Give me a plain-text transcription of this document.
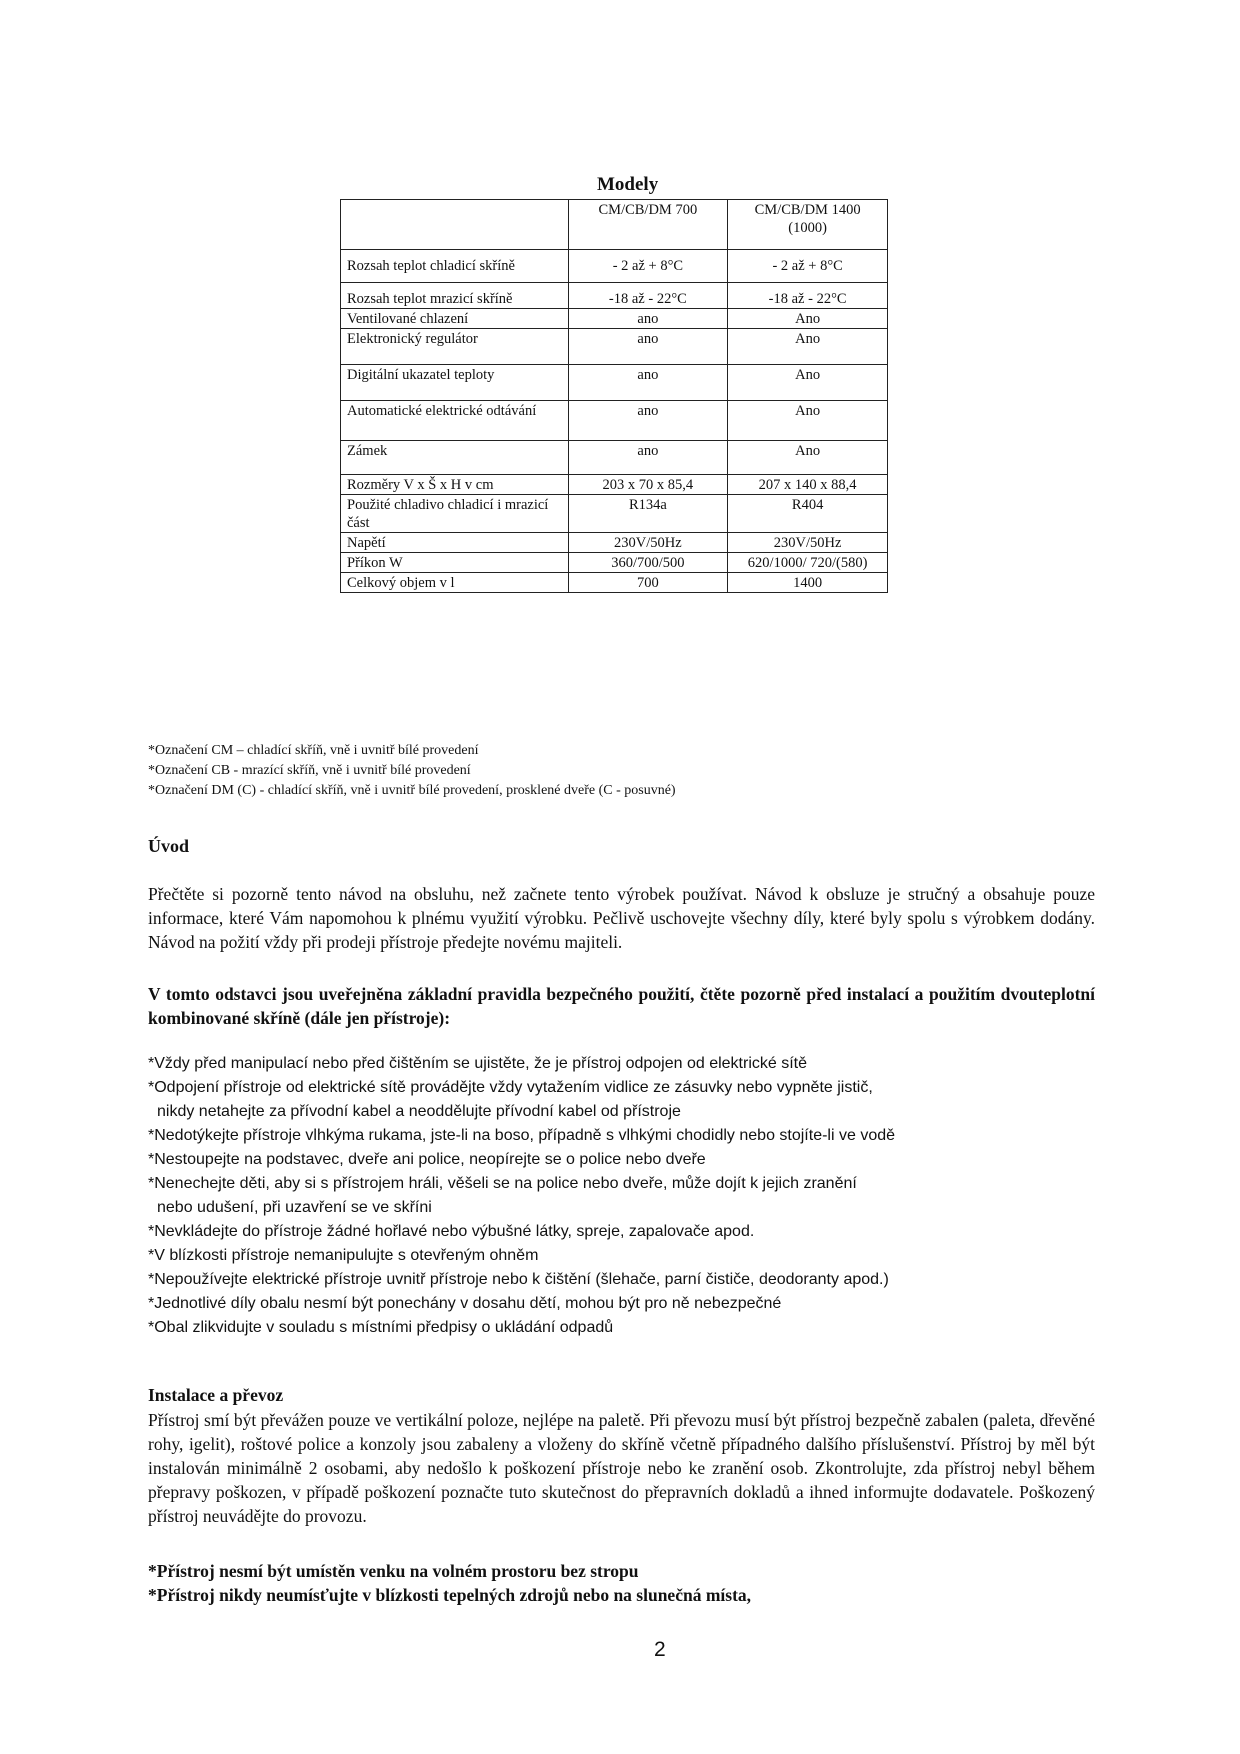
Modely
	CM/CB/DM 700	CM/CB/DM 1400 (1000)
Rozsah teplot chladicí skříně	- 2 až + 8°C	- 2 až + 8°C
Rozsah teplot mrazicí skříně	-18 až - 22°C	-18 až - 22°C
Ventilované chlazení	ano	Ano
Elektronický regulátor	ano	Ano
Digitální ukazatel teploty	ano	Ano
Automatické elektrické odtávání	ano	Ano
Zámek	ano	Ano
Rozměry V x Š x H v cm	203 x 70 x 85,4	207 x 140 x 88,4
Použité chladivo chladicí i mrazicí část	R134a	R404
Napětí	230V/50Hz	230V/50Hz
Příkon W	360/700/500	620/1000/ 720/(580)
Celkový objem v l	700	1400
*Označení CM – chladící skříň, vně i uvnitř bílé provedení
*Označení CB - mrazící skříň, vně i uvnitř bílé provedení
*Označení DM (C) - chladící skříň, vně i uvnitř bílé provedení, prosklené dveře (C - posuvné)
Úvod
Přečtěte si pozorně tento návod na obsluhu, než začnete tento výrobek používat. Návod k obsluze je stručný a obsahuje pouze informace, které Vám napomohou k plnému využití výrobku. Pečlivě uschovejte všechny díly, které byly spolu s výrobkem dodány. Návod na požití vždy při prodeji přístroje předejte novému majiteli.
V tomto odstavci jsou uveřejněna základní pravidla bezpečného použití, čtěte pozorně před instalací a použitím dvouteplotní kombinované skříně (dále jen přístroje):
*Vždy před manipulací nebo před čištěním se ujistěte, že je přístroj odpojen od elektrické sítě
*Odpojení přístroje od elektrické sítě provádějte vždy vytažením vidlice ze zásuvky nebo vypněte jistič,
nikdy netahejte za přívodní kabel a neoddělujte přívodní kabel od přístroje
*Nedotýkejte přístroje vlhkýma rukama, jste-li na boso, případně s vlhkými chodidly nebo stojíte-li ve vodě
*Nestoupejte na podstavec, dveře ani police, neopírejte se o police nebo dveře
*Nenechejte děti, aby si s přístrojem hráli, věšeli se na police nebo dveře, může dojít k jejich zranění
nebo udušení, při uzavření se ve skříni
*Nevkládejte do přístroje žádné hořlavé nebo výbušné látky, spreje, zapalovače apod.
*V blízkosti přístroje nemanipulujte s otevřeným ohněm
*Nepoužívejte elektrické přístroje uvnitř přístroje nebo k čištění (šlehače, parní čističe, deodoranty apod.)
*Jednotlivé díly obalu nesmí být ponechány v dosahu dětí, mohou být pro ně nebezpečné
*Obal zlikvidujte v souladu s místními předpisy o ukládání odpadů
Instalace a převoz
Přístroj smí být převážen pouze ve vertikální poloze, nejlépe na paletě. Při převozu musí být přístroj bezpečně zabalen (paleta, dřevěné rohy, igelit), roštové police a konzoly jsou zabaleny a vloženy do skříně včetně případného dalšího příslušenství. Přístroj by měl být instalován minimálně 2 osobami, aby nedošlo k poškození přístroje nebo ke zranění osob. Zkontrolujte, zda přístroj nebyl během přepravy poškozen, v případě poškození poznačte tuto skutečnost do přepravních dokladů a ihned informujte dodavatele. Poškozený přístroj neuvádějte do provozu.
*Přístroj nesmí být umístěn venku na volném prostoru bez stropu
*Přístroj nikdy neumísťujte v blízkosti tepelných zdrojů nebo na slunečná místa,
2
